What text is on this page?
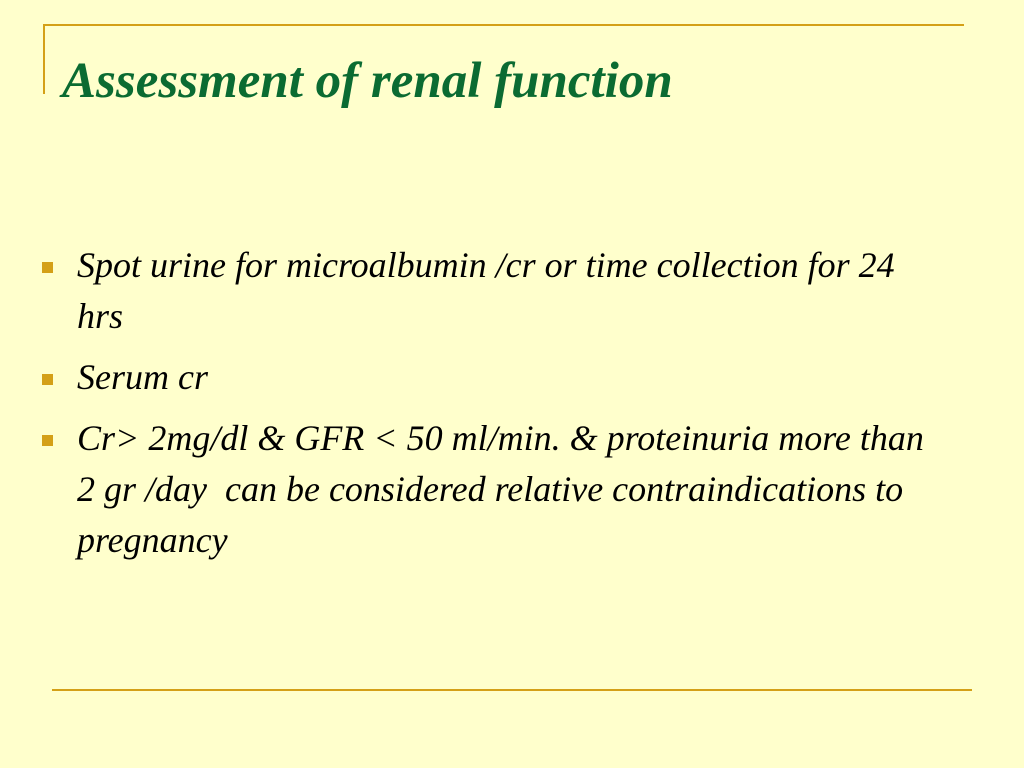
Assessment of renal function
Spot urine for microalbumin /cr or time collection for 24 hrs
Serum cr
Cr> 2mg/dl & GFR < 50 ml/min. & proteinuria more than 2 gr /day  can be considered relative contraindications to pregnancy
